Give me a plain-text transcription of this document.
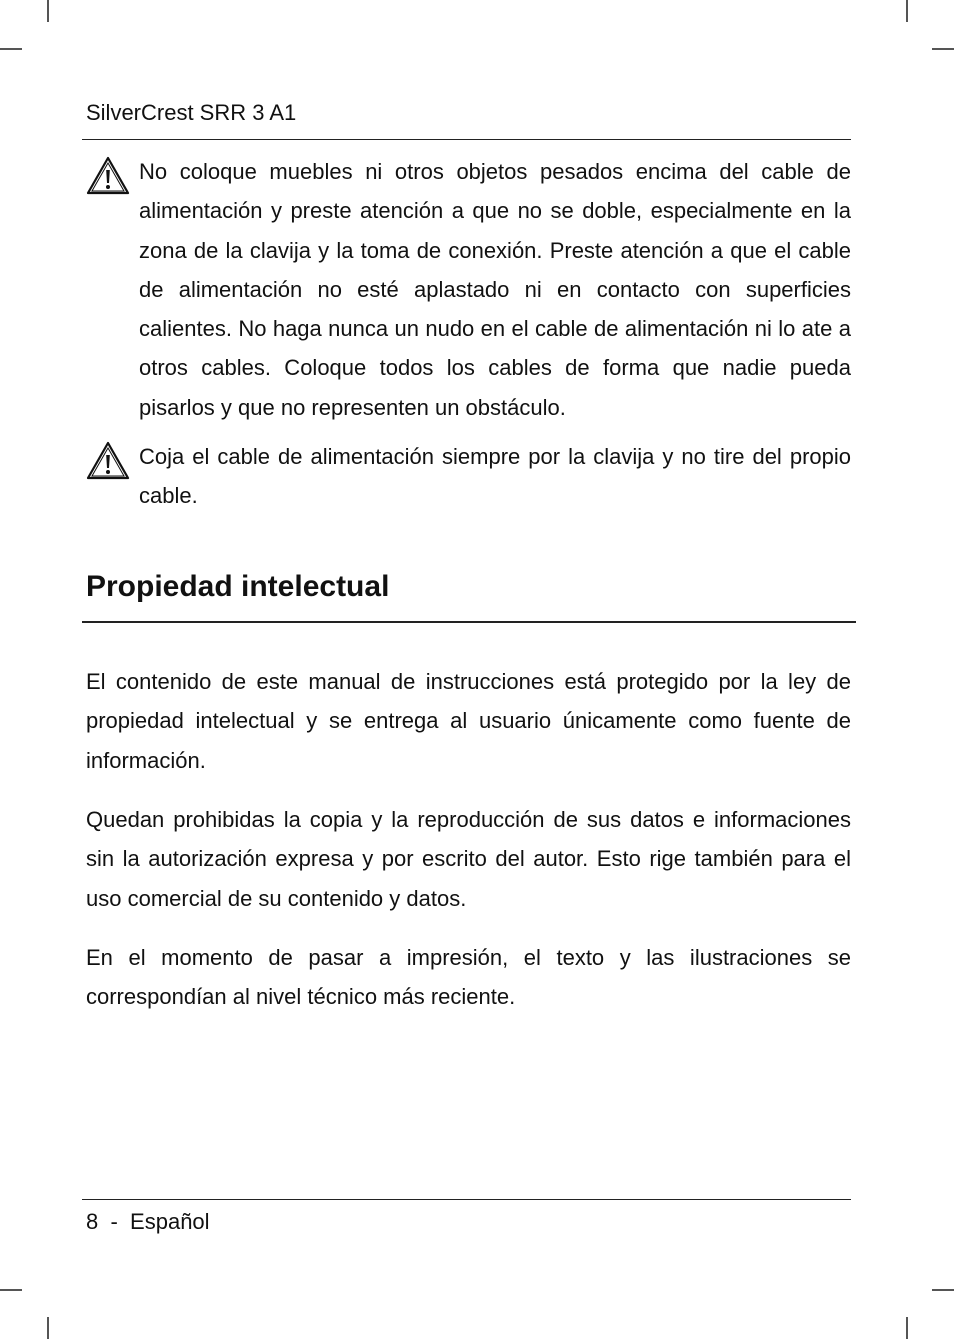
SilverCrest SRR 3 A1

No coloque muebles ni otros objetos pesados encima del cable de alimentación y preste atención a que no se doble, especialmente en la zona de la clavija y la toma de conexión. Preste atención a que el cable de alimentación no esté aplastado ni en contacto con superficies calientes. No haga nunca un nudo en el cable de alimentación ni lo ate a otros cables. Coloque todos los cables de forma que nadie pueda pisarlos y que no representen un obstáculo.

Coja el cable de alimentación siempre por la clavija y no tire del propio cable.

Propiedad intelectual

El contenido de este manual de instrucciones está protegido por la ley de propiedad intelectual y se entrega al usuario únicamente como fuente de información.

Quedan prohibidas la copia y la reproducción de sus datos e informaciones sin la autorización expresa y por escrito del autor. Esto rige también para el uso comercial de su contenido y datos.

En el momento de pasar a impresión, el texto y las ilustraciones se correspondían al nivel técnico más reciente.

8 - Español
